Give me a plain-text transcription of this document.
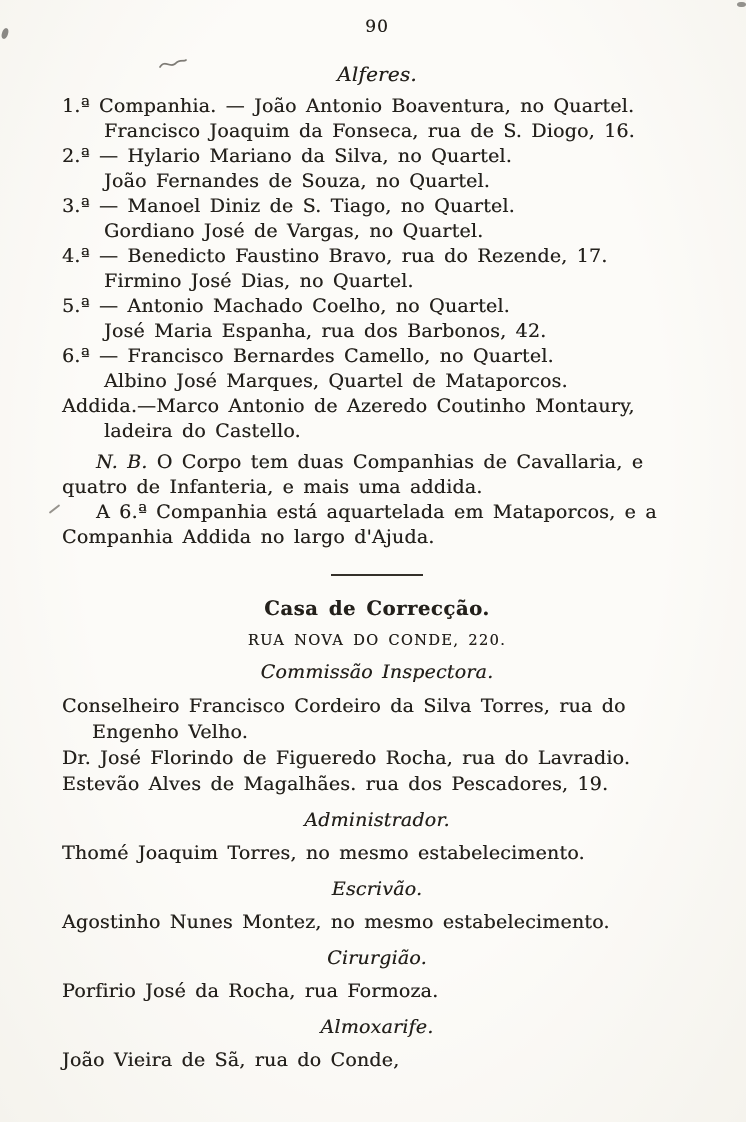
90
Alferes.
1.ª Companhia. — João Antonio Boaventura, no Quartel.
Francisco Joaquim da Fonseca, rua de S. Diogo, 16.
2.ª — Hylario Mariano da Silva, no Quartel.
João Fernandes de Souza, no Quartel.
3.ª — Manoel Diniz de S. Tiago, no Quartel.
Gordiano José de Vargas, no Quartel.
4.ª — Benedicto Faustino Bravo, rua do Rezende, 17.
Firmino José Dias, no Quartel.
5.ª — Antonio Machado Coelho, no Quartel.
José Maria Espanha, rua dos Barbonos, 42.
6.ª — Francisco Bernardes Camello, no Quartel.
Albino José Marques, Quartel de Mataporcos.
Addida.—Marco Antonio de Azeredo Coutinho Montaury,
ladeira do Castello.
N. B. O Corpo tem duas Companhias de Cavallaria, e
quatro de Infanteria, e mais uma addida.
A 6.ª Companhia está aquartelada em Mataporcos, e a
Companhia Addida no largo d'Ajuda.
Casa de Correcção.
RUA NOVA DO CONDE, 220.
Commissão Inspectora.
Conselheiro Francisco Cordeiro da Silva Torres, rua do
Engenho Velho.
Dr. José Florindo de Figueredo Rocha, rua do Lavradio.
Estevão Alves de Magalhães. rua dos Pescadores, 19.
Administrador.
Thomé Joaquim Torres, no mesmo estabelecimento.
Escrivão.
Agostinho Nunes Montez, no mesmo estabelecimento.
Cirurgião.
Porfirio José da Rocha, rua Formoza.
Almoxarife.
João Vieira de Sã, rua do Conde,
